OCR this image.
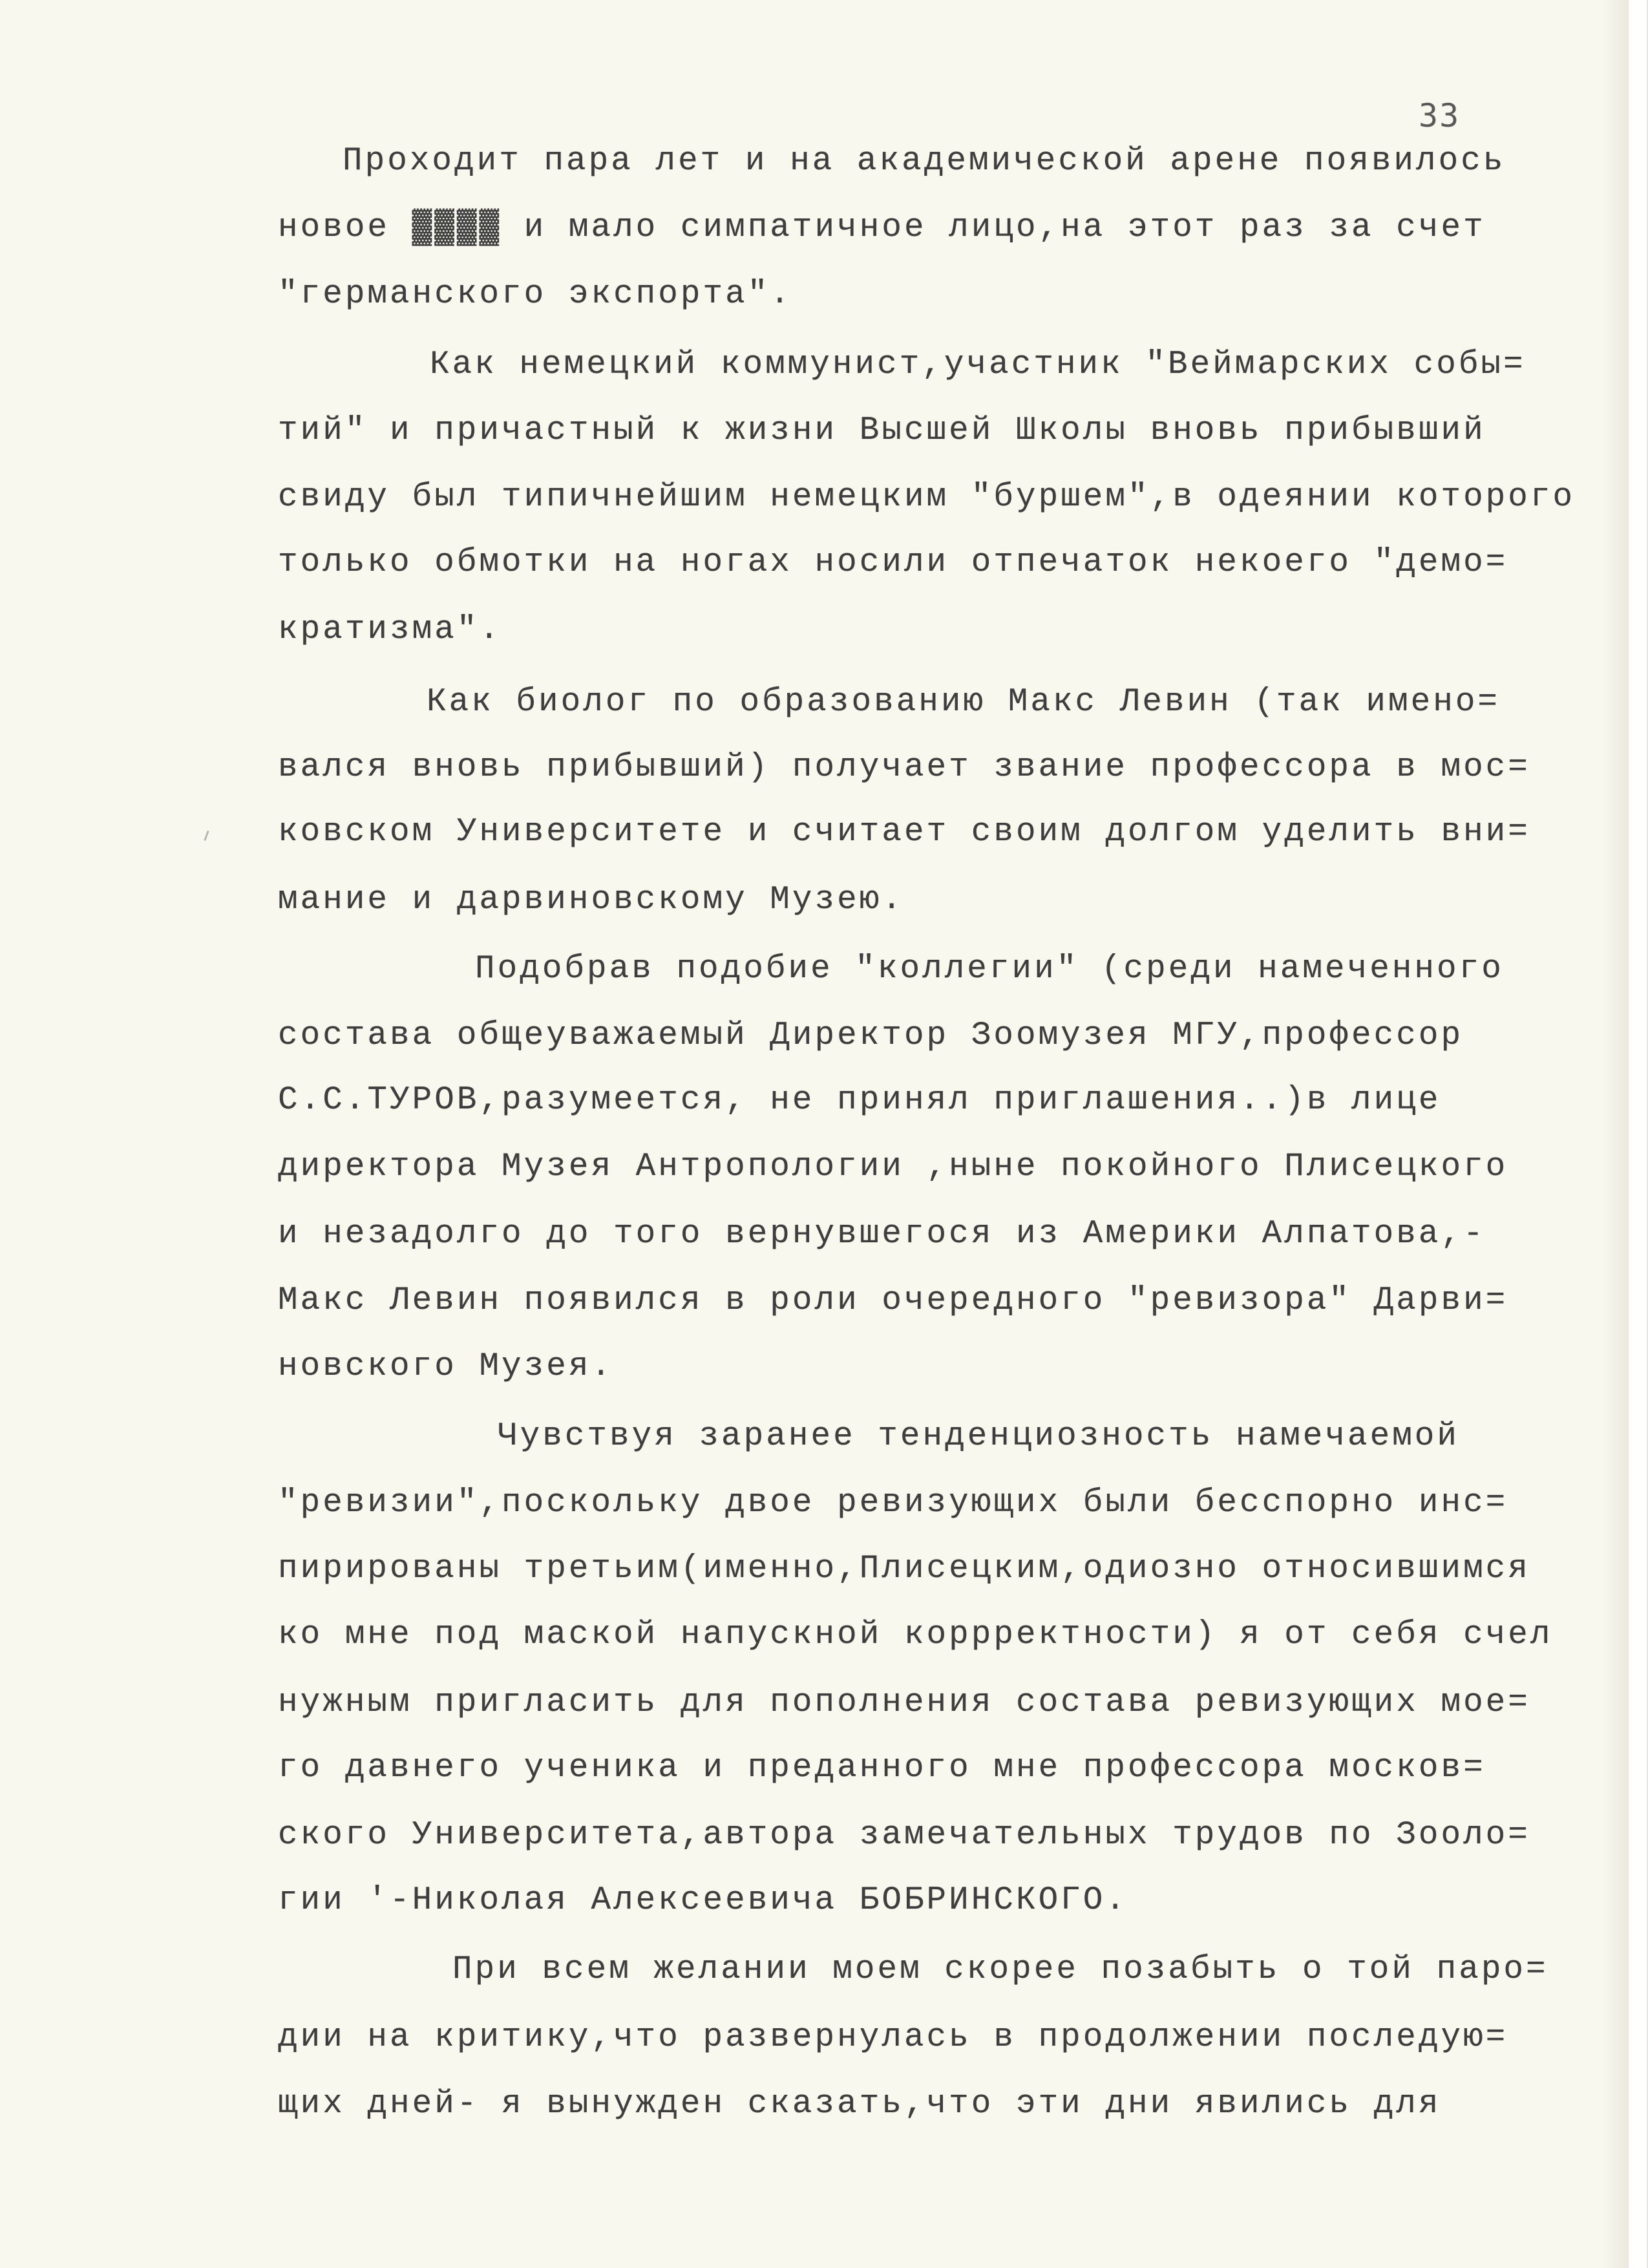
33
Проходит пара лет и на академической арене появилось
новое ▓▓▓▓ и мало симпатичное лицо,на этот раз за счет
"германского экспорта".
Как немецкий коммунист,участник "Веймарских собы=
тий" и причастный к жизни Высшей Школы вновь прибывший
свиду был типичнейшим немецким "буршем",в одеянии которого
только обмотки на ногах носили отпечаток некоего "демо=
кратизма".
Как биолог по образованию Макс Левин (так имено=
вался вновь прибывший) получает звание профессора в мос=
ковском Университете и считает своим долгом уделить вни=
мание и дарвиновскому Музею.
Подобрав подобие "коллегии" (среди намеченного
состава общеуважаемый Директор Зоомузея МГУ,профессор
С.С.ТУРОВ,разумеется, не принял приглашения..)в лице
директора Музея Антропологии ,ныне покойного Плисецкого
и незадолго до того вернувшегося из Америки Алпатова,-
Макс Левин появился в роли очередного "ревизора" Дарви=
новского Музея.
Чувствуя заранее тенденциозность намечаемой
"ревизии",поскольку двое ревизующих были бесспорно инс=
пирированы третьим(именно,Плисецким,одиозно относившимся
ко мне под маской напускной коррректности) я от себя счел
нужным пригласить для пополнения состава ревизующих мое=
го давнего ученика и преданного мне профессора москов=
ского Университета,автора замечательных трудов по Зооло=
гии '-Николая Алексеевича БОБРИНСКОГО.
При всем желании моем скорее позабыть о той паро=
дии на критику,что развернулась в продолжении последую=
щих дней- я вынужден сказать,что эти дни явились для
